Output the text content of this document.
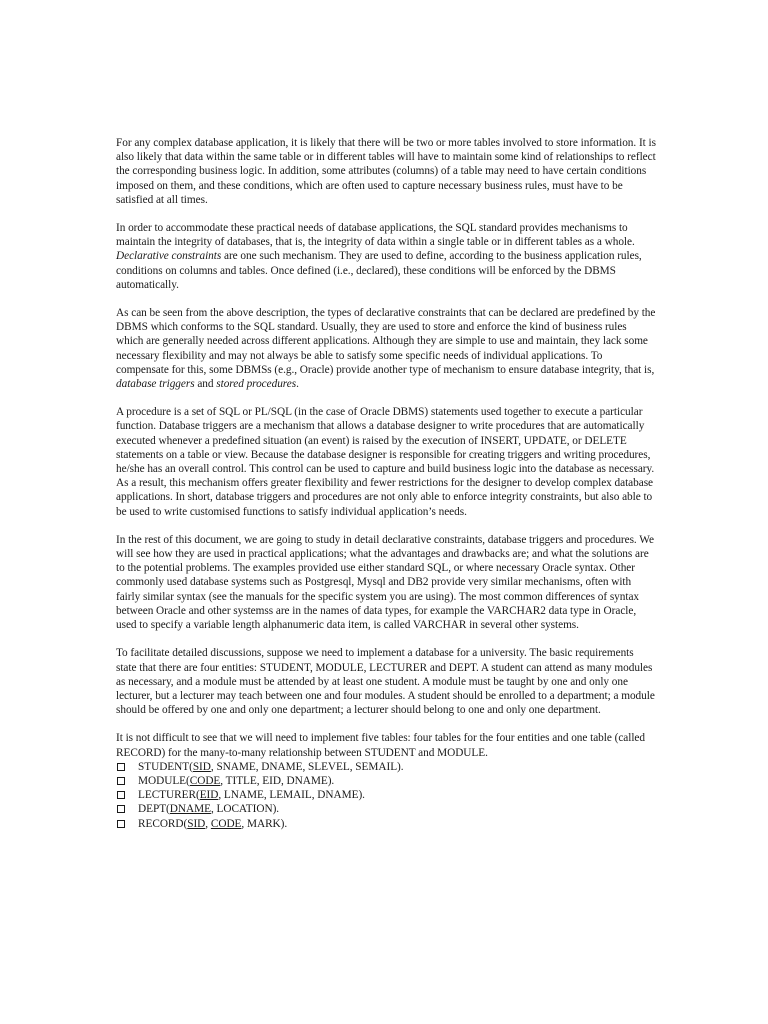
For any complex database application, it is likely that there will be two or more tables involved to store information. It is also likely that data within the same table or in different tables will have to maintain some kind of relationships to reflect the corresponding business logic. In addition, some attributes (columns) of a table may need to have certain conditions imposed on them, and these conditions, which are often used to capture necessary business rules, must have to be satisfied at all times.

In order to accommodate these practical needs of database applications, the SQL standard provides mechanisms to maintain the integrity of databases, that is, the integrity of data within a single table or in different tables as a whole. Declarative constraints are one such mechanism. They are used to define, according to the business application rules, conditions on columns and tables. Once defined (i.e., declared), these conditions will be enforced by the DBMS automatically.

As can be seen from the above description, the types of declarative constraints that can be declared are predefined by the DBMS which conforms to the SQL standard. Usually, they are used to store and enforce the kind of business rules which are generally needed across different applications. Although they are simple to use and maintain, they lack some necessary flexibility and may not always be able to satisfy some specific needs of individual applications. To compensate for this, some DBMSs (e.g., Oracle) provide another type of mechanism to ensure database integrity, that is, database triggers and stored procedures.

A procedure is a set of SQL or PL/SQL (in the case of Oracle DBMS) statements used together to execute a particular function. Database triggers are a mechanism that allows a database designer to write procedures that are automatically executed whenever a predefined situation (an event) is raised by the execution of INSERT, UPDATE, or DELETE statements on a table or view. Because the database designer is responsible for creating triggers and writing procedures, he/she has an overall control. This control can be used to capture and build business logic into the database as necessary. As a result, this mechanism offers greater flexibility and fewer restrictions for the designer to develop complex database applications. In short, database triggers and procedures are not only able to enforce integrity constraints, but also able to be used to write customised functions to satisfy individual application’s needs.

In the rest of this document, we are going to study in detail declarative constraints, database triggers and procedures. We will see how they are used in practical applications; what the advantages and drawbacks are; and what the solutions are to the potential problems. The examples provided use either standard SQL, or where necessary Oracle syntax. Other commonly used database systems such as Postgresql, Mysql and DB2 provide very similar mechanisms, often with fairly similar syntax (see the manuals for the specific system you are using). The most common differences of syntax between Oracle and other systemss are in the names of data types, for example the VARCHAR2 data type in Oracle, used to specify a variable length alphanumeric data item, is called VARCHAR in several other systems.

To facilitate detailed discussions, suppose we need to implement a database for a university. The basic requirements state that there are four entities: STUDENT, MODULE, LECTURER and DEPT. A student can attend as many modules as necessary, and a module must be attended by at least one student. A module must be taught by one and only one lecturer, but a lecturer may teach between one and four modules. A student should be enrolled to a department; a module should be offered by one and only one department; a lecturer should belong to one and only one department.

It is not difficult to see that we will need to implement five tables: four tables for the four entities and one table (called RECORD) for the many-to-many relationship between STUDENT and MODULE.

STUDENT(SID, SNAME, DNAME, SLEVEL, SEMAIL).
MODULE(CODE, TITLE, EID, DNAME).
LECTURER(EID, LNAME, LEMAIL, DNAME).
DEPT(DNAME, LOCATION).
RECORD(SID, CODE, MARK).
